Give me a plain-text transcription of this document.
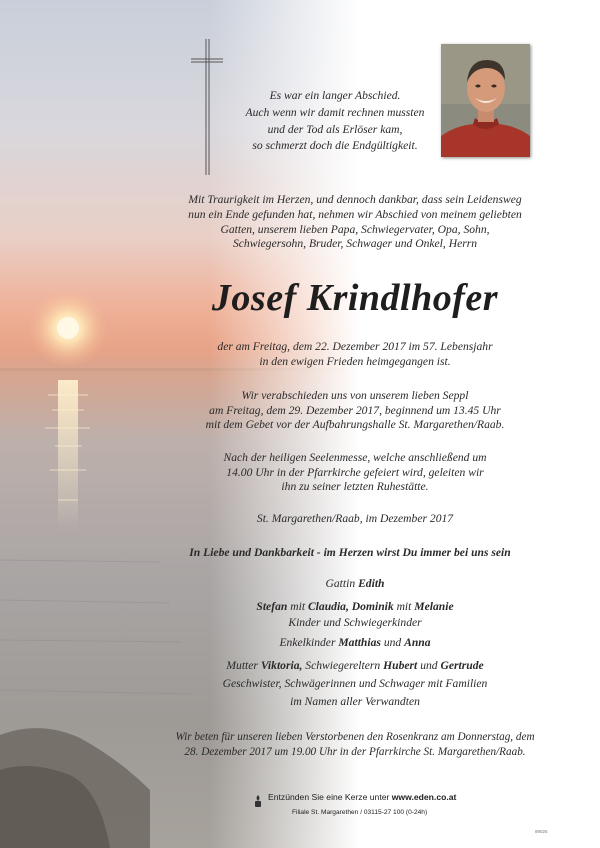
Es war ein langer Abschied.
Auch wenn wir damit rechnen mussten
und der Tod als Erlöser kam,
so schmerzt doch die Endgültigkeit.
Mit Traurigkeit im Herzen, und dennoch dankbar, dass sein Leidensweg
nun ein Ende gefunden hat, nehmen wir Abschied von meinem geliebten
Gatten, unserem lieben Papa, Schwiegervater, Opa, Sohn,
Schwiegersohn, Bruder, Schwager und Onkel, Herrn
Josef Krindlhofer
der am Freitag, dem 22. Dezember 2017 im 57. Lebensjahr
in den ewigen Frieden heimgegangen ist.
Wir verabschieden uns von unserem lieben Seppl
am Freitag, dem 29. Dezember 2017, beginnend um 13.45 Uhr
mit dem Gebet vor der Aufbahrungshalle St. Margarethen/Raab.
Nach der heiligen Seelenmesse, welche anschließend um
14.00 Uhr in der Pfarrkirche gefeiert wird, geleiten wir
ihn zu seiner letzten Ruhestätte.
St. Margarethen/Raab, im Dezember 2017
In Liebe und Dankbarkeit - im Herzen wirst Du immer bei uns sein
Gattin Edith
Stefan mit Claudia, Dominik mit Melanie
Kinder und Schwiegerkinder
Enkelkinder Matthias und Anna
Mutter Viktoria, Schwiegereltern Hubert und Gertrude
Geschwister, Schwägerinnen und Schwager mit Familien
im Namen aller Verwandten
Wir beten für unseren lieben Verstorbenen den Rosenkranz am Donnerstag, dem
28. Dezember 2017 um 19.00 Uhr in der Pfarrkirche St. Margarethen/Raab.
Entzünden Sie eine Kerze unter www.eden.co.at
Filiale St. Margarethen / 03115-27 100 (0-24h)
89025
